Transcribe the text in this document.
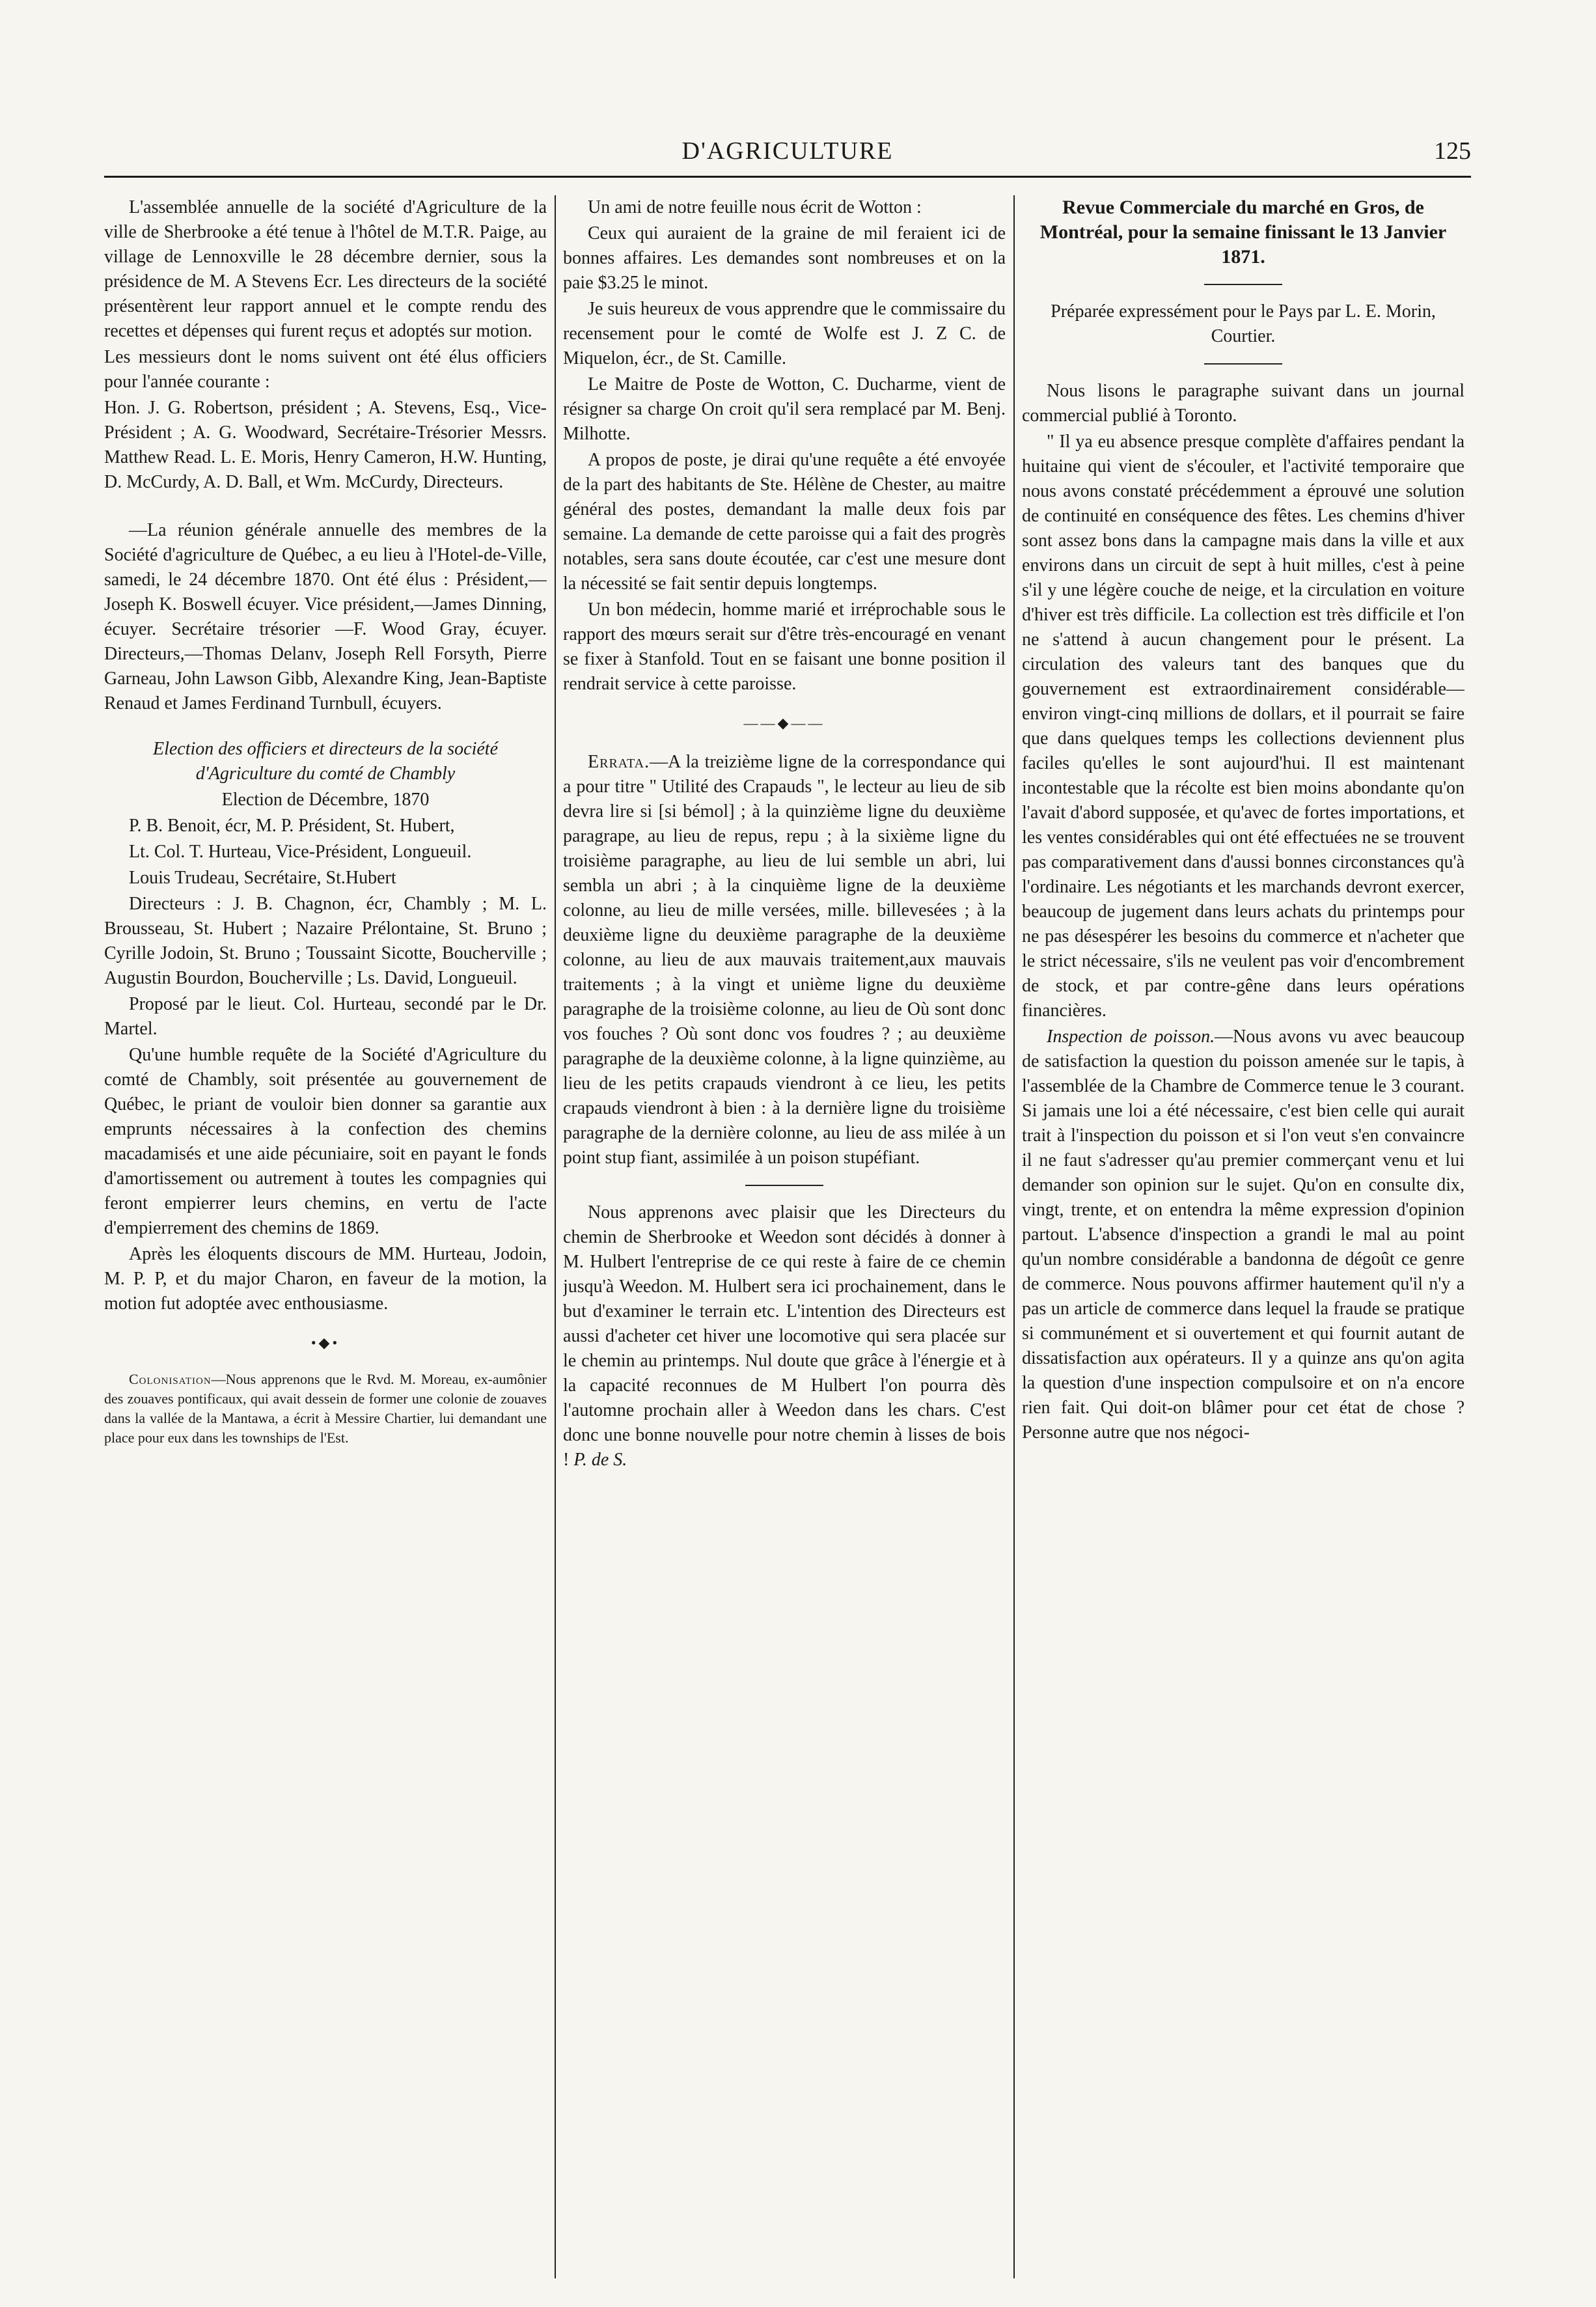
D'AGRICULTURE	125

L'assemblée annuelle de la société d'Agriculture de la ville de Sherbrooke a été tenue à l'hôtel de M.T.R. Paige, au village de Lennoxville le 28 décembre dernier, sous la présidence de M. A Stevens Ecr. Les directeurs de la société présentèrent leur rapport annuel et le compte rendu des recettes et dépenses qui furent reçus et adoptés sur motion.

Les messieurs dont le noms suivent ont été élus officiers pour l'année courante :

Hon. J. G. Robertson, président ; A. Stevens, Esq., Vice-Président ; A. G. Woodward, Secrétaire-Trésorier Messrs. Matthew Read. L. E. Moris, Henry Cameron, H.W. Hunting, D. McCurdy, A. D. Ball, et Wm. McCurdy, Directeurs.

—La réunion générale annuelle des membres de la Société d'agriculture de Québec, a eu lieu à l'Hotel-de-Ville, samedi, le 24 décembre 1870. Ont été élus : Président,—Joseph K. Boswell écuyer. Vice président,—James Dinning, écuyer. Secrétaire trésorier —F. Wood Gray, écuyer. Directeurs,—Thomas Delanv, Joseph Rell Forsyth, Pierre Garneau, John Lawson Gibb, Alexandre King, Jean-Baptiste Renaud et James Ferdinand Turnbull, écuyers.

Election des officiers et directeurs de la société d'Agriculture du comté de Chambly

Election de Décembre, 1870

P. B. Benoit, écr, M. P. Président, St. Hubert,

Lt. Col. T. Hurteau, Vice-Président, Longueuil.

Louis Trudeau, Secrétaire, St.Hubert

Directeurs : J. B. Chagnon, écr, Chambly ; M. L. Brousseau, St. Hubert ; Nazaire Prélontaine, St. Bruno ; Cyrille Jodoin, St. Bruno ; Toussaint Sicotte, Boucherville ; Augustin Bourdon, Boucherville ; Ls. David, Longueuil.

Proposé par le lieut. Col. Hurteau, secondé par le Dr. Martel.

Qu'une humble requête de la Société d'Agriculture du comté de Chambly, soit présentée au gouvernement de Québec, le priant de vouloir bien donner sa garantie aux emprunts nécessaires à la confection des chemins macadamisés et une aide pécuniaire, soit en payant le fonds d'amortissement ou autrement à toutes les compagnies qui feront empierrer leurs chemins, en vertu de l'acte d'empierrement des chemins de 1869.

Après les éloquents discours de MM. Hurteau, Jodoin, M. P. P, et du major Charon, en faveur de la motion, la motion fut adoptée avec enthousiasme.

•◆•

Colonisation—Nous apprenons que le Rvd. M. Moreau, ex-aumônier des zouaves pontificaux, qui avait dessein de former une colonie de zouaves dans la vallée de la Mantawa, a écrit à Messire Chartier, lui demandant une place pour eux dans les townships de l'Est.

Un ami de notre feuille nous écrit de Wotton :

Ceux qui auraient de la graine de mil feraient ici de bonnes affaires. Les demandes sont nombreuses et on la paie $3.25 le minot.

Je suis heureux de vous apprendre que le commissaire du recensement pour le comté de Wolfe est J. Z C. de Miquelon, écr., de St. Camille.

Le Maitre de Poste de Wotton, C. Ducharme, vient de résigner sa charge On croit qu'il sera remplacé par M. Benj. Milhotte.

A propos de poste, je dirai qu'une requête a été envoyée de la part des habitants de Ste. Hélène de Chester, au maitre général des postes, demandant la malle deux fois par semaine. La demande de cette paroisse qui a fait des progrès notables, sera sans doute écoutée, car c'est une mesure dont la nécessité se fait sentir depuis longtemps.

Un bon médecin, homme marié et irréprochable sous le rapport des mœurs serait sur d'être très-encouragé en venant se fixer à Stanfold. Tout en se faisant une bonne position il rendrait service à cette paroisse.

——◆——

Errata.—A la treizième ligne de la correspondance qui a pour titre " Utilité des Crapauds ", le lecteur au lieu de sib devra lire si [si bémol] ; à la quinzième ligne du deuxième paragrape, au lieu de repus, repu ; à la sixième ligne du troisième paragraphe, au lieu de lui semble un abri, lui sembla un abri ; à la cinquième ligne de la deuxième colonne, au lieu de mille versées, mille. billevesées ; à la deuxième ligne du deuxième paragraphe de la deuxième colonne, au lieu de aux mauvais traitement,aux mauvais traitements ; à la vingt et unième ligne du deuxième paragraphe de la troisième colonne, au lieu de Où sont donc vos fouches ? Où sont donc vos foudres ? ; au deuxième paragraphe de la deuxième colonne, à la ligne quinzième, au lieu de les petits crapauds viendront à ce lieu, les petits crapauds viendront à bien : à la dernière ligne du troisième paragraphe de la dernière colonne, au lieu de ass milée à un point stup fiant, assimilée à un poison stupéfiant.

Nous apprenons avec plaisir que les Directeurs du chemin de Sherbrooke et Weedon sont décidés à donner à M. Hulbert l'entreprise de ce qui reste à faire de ce chemin jusqu'à Weedon. M. Hulbert sera ici prochainement, dans le but d'examiner le terrain etc. L'intention des Directeurs est aussi d'acheter cet hiver une locomotive qui sera placée sur le chemin au printemps. Nul doute que grâce à l'énergie et à la capacité reconnues de M Hulbert l'on pourra dès l'automne prochain aller à Weedon dans les chars. C'est donc une bonne nouvelle pour notre chemin à lisses de bois ! P. de S.

Revue Commerciale du marché en Gros, de Montréal, pour la semaine finissant le 13 Janvier 1871.

Préparée expressément pour le Pays par L. E. Morin, Courtier.

Nous lisons le paragraphe suivant dans un journal commercial publié à Toronto.

" Il ya eu absence presque complète d'affaires pendant la huitaine qui vient de s'écouler, et l'activité temporaire que nous avons constaté précédemment a éprouvé une solution de continuité en conséquence des fêtes. Les chemins d'hiver sont assez bons dans la campagne mais dans la ville et aux environs dans un circuit de sept à huit milles, c'est à peine s'il y une légère couche de neige, et la circulation en voiture d'hiver est très difficile. La collection est très difficile et l'on ne s'attend à aucun changement pour le présent. La circulation des valeurs tant des banques que du gouvernement est extraordinairement considérable—environ vingt-cinq millions de dollars, et il pourrait se faire que dans quelques temps les collections deviennent plus faciles qu'elles le sont aujourd'hui. Il est maintenant incontestable que la récolte est bien moins abondante qu'on l'avait d'abord supposée, et qu'avec de fortes importations, et les ventes considérables qui ont été effectuées ne se trouvent pas comparativement dans d'aussi bonnes circonstances qu'à l'ordinaire. Les négotiants et les marchands devront exercer, beaucoup de jugement dans leurs achats du printemps pour ne pas désespérer les besoins du commerce et n'acheter que le strict nécessaire, s'ils ne veulent pas voir d'encombrement de stock, et par contre-gêne dans leurs opérations financières.

Inspection de poisson.—Nous avons vu avec beaucoup de satisfaction la question du poisson amenée sur le tapis, à l'assemblée de la Chambre de Commerce tenue le 3 courant. Si jamais une loi a été nécessaire, c'est bien celle qui aurait trait à l'inspection du poisson et si l'on veut s'en convaincre il ne faut s'adresser qu'au premier commerçant venu et lui demander son opinion sur le sujet. Qu'on en consulte dix, vingt, trente, et on entendra la même expression d'opinion partout. L'absence d'inspection a grandi le mal au point qu'un nombre considérable a bandonna de dégoût ce genre de commerce. Nous pouvons affirmer hautement qu'il n'y a pas un article de commerce dans lequel la fraude se pratique si communément et si ouvertement et qui fournit autant de dissatisfaction aux opérateurs. Il y a quinze ans qu'on agita la question d'une inspection compulsoire et on n'a encore rien fait. Qui doit-on blâmer pour cet état de chose ? Personne autre que nos négoci-
